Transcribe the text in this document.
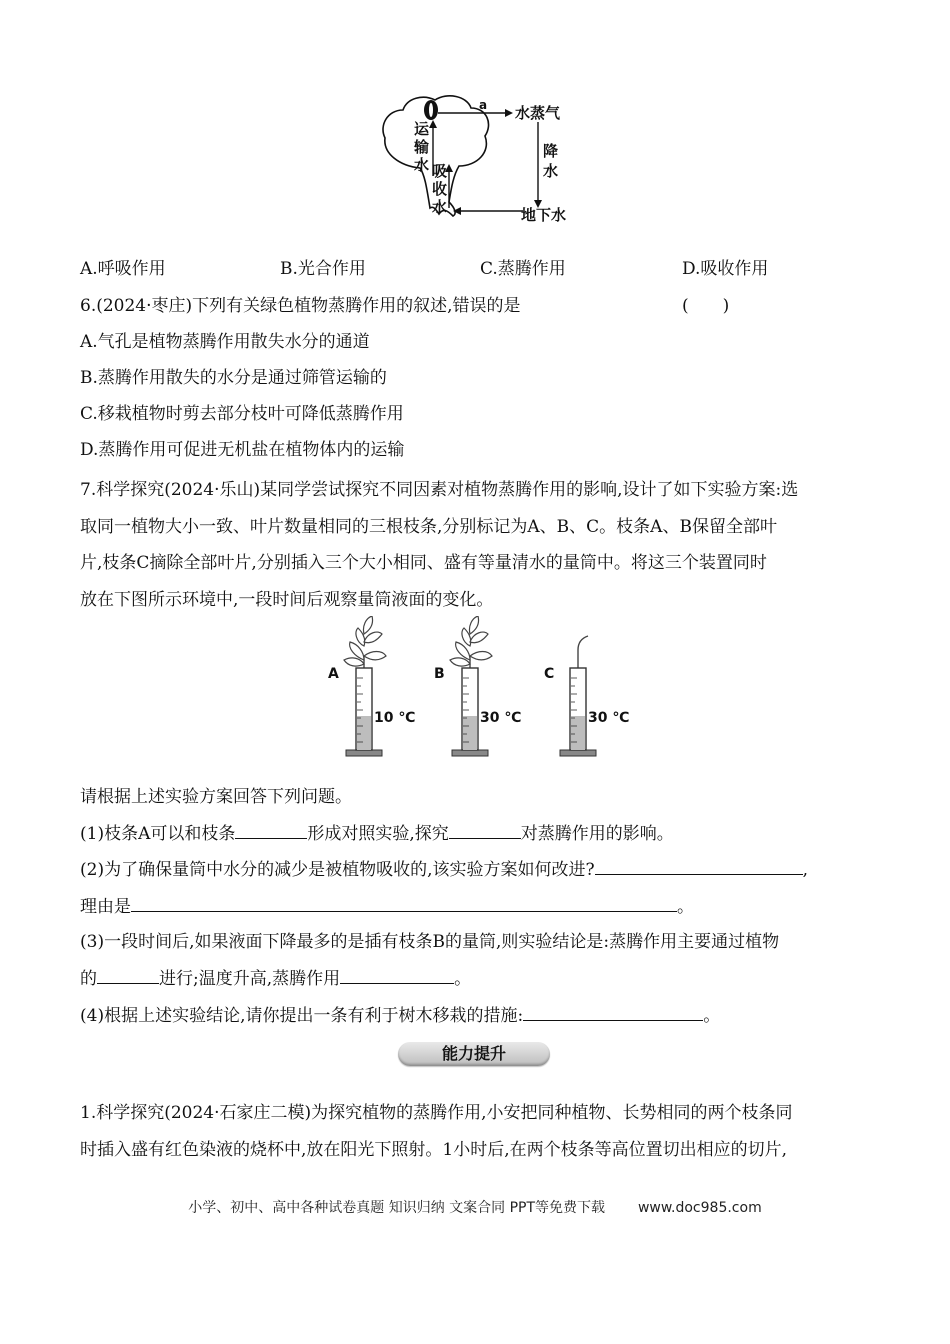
a 水蒸气
降 水
地下水
运 输 水 吸 收 水
A.呼吸作用	B.光合作用	C.蒸腾作用	D.吸收作用
6.(2024·枣庄)下列有关绿色植物蒸腾作用的叙述,错误的是	(　　)
A.气孔是植物蒸腾作用散失水分的通道
B.蒸腾作用散失的水分是通过筛管运输的
C.移栽植物时剪去部分枝叶可降低蒸腾作用
D.蒸腾作用可促进无机盐在植物体内的运输
7.科学探究(2024·乐山)某同学尝试探究不同因素对植物蒸腾作用的影响,设计了如下实验方案:选
取同一植物大小一致、叶片数量相同的三根枝条,分别标记为A、B、C。枝条A、B保留全部叶
片,枝条C摘除全部叶片,分别插入三个大小相同、盛有等量清水的量筒中。将这三个装置同时
放在下图所示环境中,一段时间后观察量筒液面的变化。
A
10 ℃
B
30 ℃
C
30 ℃
请根据上述实验方案回答下列问题。
(1)枝条A可以和枝条	形成对照实验,探究	对蒸腾作用的影响。
(2)为了确保量筒中水分的减少是被植物吸收的,该实验方案如何改进?	,
理由是	。
(3)一段时间后,如果液面下降最多的是插有枝条B的量筒,则实验结论是:蒸腾作用主要通过植物
的	进行;温度升高,蒸腾作用	。
(4)根据上述实验结论,请你提出一条有利于树木移栽的措施:	。
能力提升
1.科学探究(2024·石家庄二模)为探究植物的蒸腾作用,小安把同种植物、长势相同的两个枝条同
时插入盛有红色染液的烧杯中,放在阳光下照射。1小时后,在两个枝条等高位置切出相应的切片,
小学、初中、高中各种试卷真题 知识归纳 文案合同 PPT等免费下载 www.doc985.com
